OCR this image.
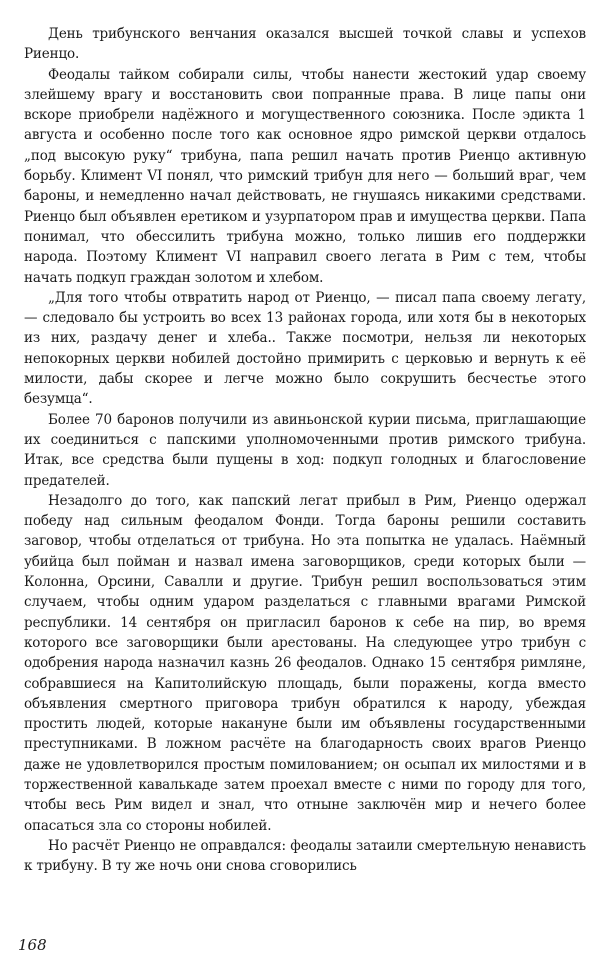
День трибунского венчания оказался высшей точкой славы и успехов Риенцо.

Феодалы тайком собирали силы, чтобы нанести жестокий удар своему злейшему врагу и восстановить свои попранные права. В лице папы они вскоре приобрели надёжного и могущественного союзника. После эдикта 1 августа и особенно после того как основное ядро римской церкви отдалось „под высокую руку“ трибуна, папа решил начать против Риенцо активную борьбу. Климент VI понял, что римский трибун для него — больший враг, чем бароны, и немедленно начал действовать, не гнушаясь никакими средствами. Риенцо был объявлен еретиком и узурпатором прав и имущества церкви. Папа понимал, что обессилить трибуна можно, только лишив его поддержки народа. Поэтому Климент VI направил своего легата в Рим с тем, чтобы начать подкуп граждан золотом и хлебом.

„Для того чтобы отвратить народ от Риенцо, — писал папа своему легату, — следовало бы устроить во всех 13 районах города, или хотя бы в некоторых из них, раздачу денег и хлеба.. Также посмотри, нельзя ли некоторых непокорных церкви нобилей достойно примирить с церковью и вернуть к её милости, дабы скорее и легче можно было сокрушить бесчестье этого безумца“.

Более 70 баронов получили из авиньонской курии письма, приглашающие их соединиться с папскими уполномоченными против римского трибуна. Итак, все средства были пущены в ход: подкуп голодных и благословение предателей.

Незадолго до того, как папский легат прибыл в Рим, Риенцо одержал победу над сильным феодалом Фонди. Тогда бароны решили составить заговор, чтобы отделаться от трибуна. Но эта попытка не удалась. Наёмный убийца был пойман и назвал имена заговорщиков, среди которых были — Колонна, Орсини, Савалли и другие. Трибун решил воспользоваться этим случаем, чтобы одним ударом разделаться с главными врагами Римской республики. 14 сентября он пригласил баронов к себе на пир, во время которого все заговорщики были арестованы. На следующее утро трибун с одобрения народа назначил казнь 26 феодалов. Однако 15 сентября римляне, собравшиеся на Капитолийскую площадь, были поражены, когда вместо объявления смертного приговора трибун обратился к народу, убеждая простить людей, которые накануне были им объявлены государственными преступниками. В ложном расчёте на благодарность своих врагов Риенцо даже не удовлетворился простым помилованием; он осыпал их милостями и в торжественной кавалькаде затем проехал вместе с ними по городу для того, чтобы весь Рим видел и знал, что отныне заключён мир и нечего более опасаться зла со стороны нобилей.

Но расчёт Риенцо не оправдался: феодалы затаили смертельную ненависть к трибуну. В ту же ночь они снова сговорились

168
